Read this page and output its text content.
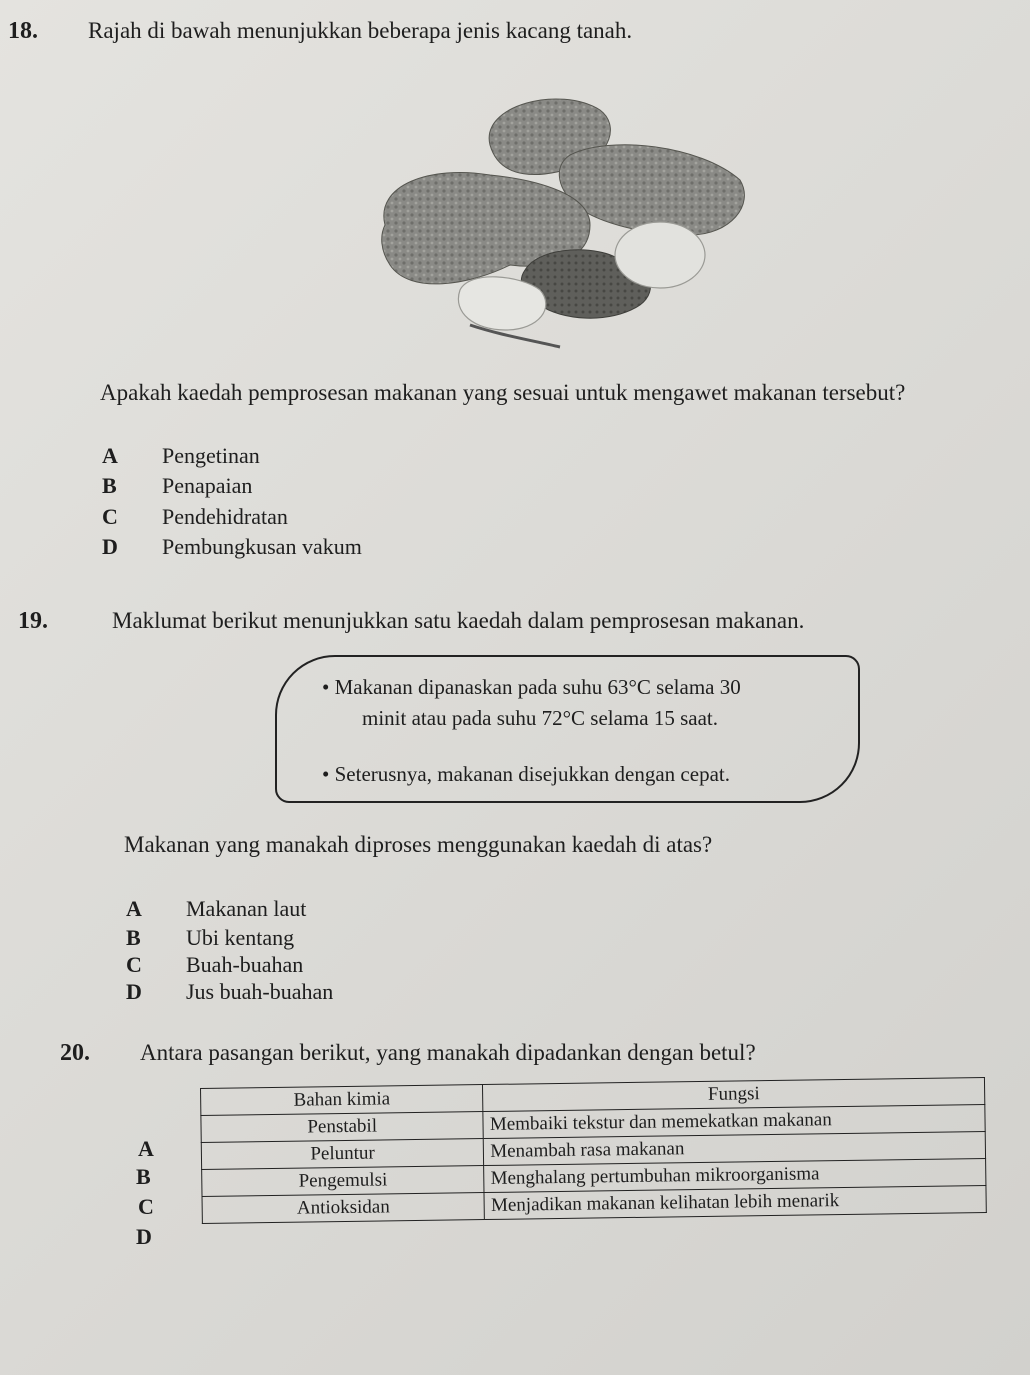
18. Rajah di bawah menunjukkan beberapa jenis kacang tanah.
Apakah kaedah pemprosesan makanan yang sesuai untuk mengawet makanan tersebut?
A Pengetinan
B Penapaian
C Pendehidratan
D Pembungkusan vakum
19.	Maklumat berikut menunjukkan satu kaedah dalam pemprosesan makanan.
• Makanan dipanaskan pada suhu 63°C selama 30
minit atau pada suhu 72°C selama 15 saat.
• Seterusnya, makanan disejukkan dengan cepat.
Makanan yang manakah diproses menggunakan kaedah di atas?
A Makanan laut
B Ubi kentang
C Buah-buahan
D Jus buah-buahan
20. Antara pasangan berikut, yang manakah dipadankan dengan betul?
A
B
C
D
Bahan kimia	Fungsi
Penstabil	Membaiki tekstur dan memekatkan makanan
Peluntur	Menambah rasa makanan
Pengemulsi	Menghalang pertumbuhan mikroorganisma
Antioksidan	Menjadikan makanan kelihatan lebih menarik
